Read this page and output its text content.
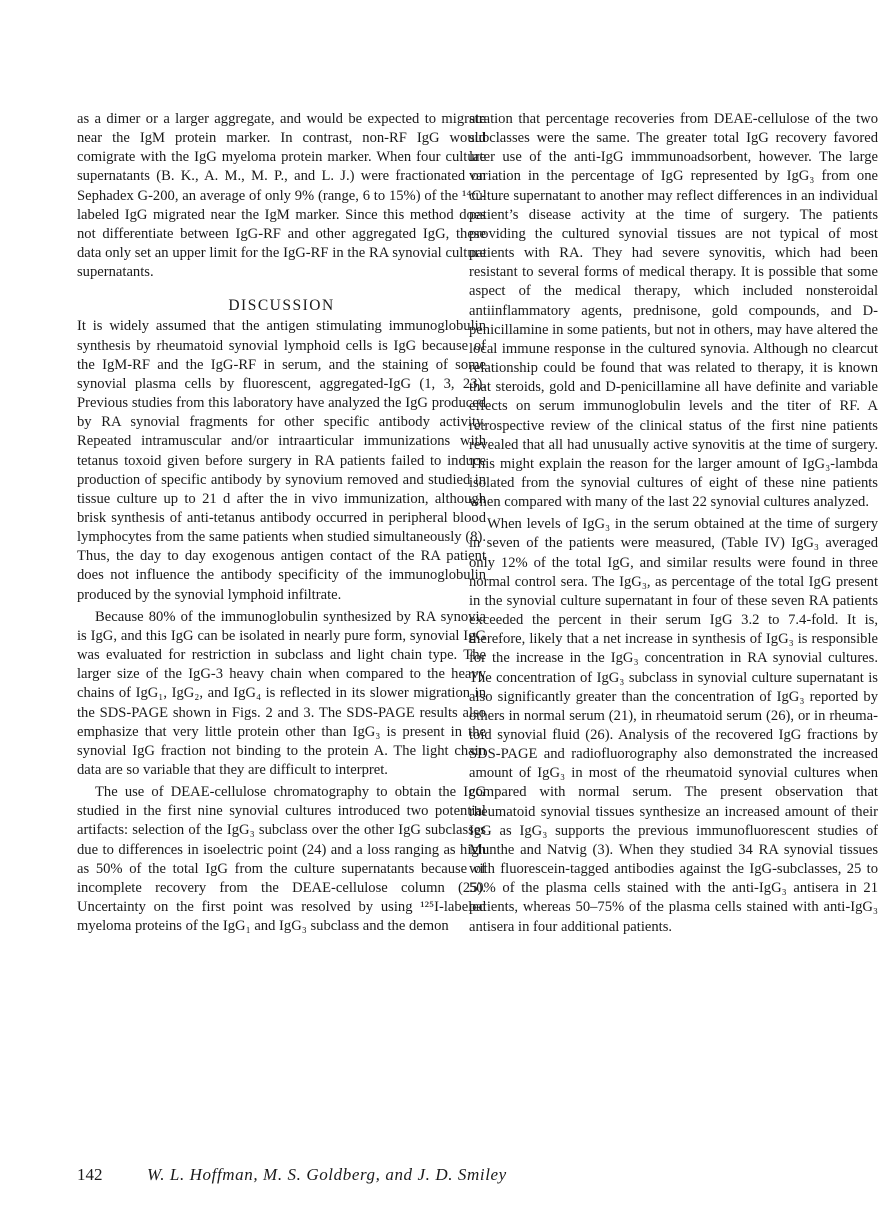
as a dimer or a larger aggregate, and would be expected to migrate near the IgM protein marker. In contrast, non-RF IgG would comigrate with the IgG myeloma protein marker. When four culture supernatants (B. K., A. M., M. P., and L. J.) were fractionated on Sephadex G-200, an average of only 9% (range, 6 to 15%) of the ¹⁴C-labeled IgG migrated near the IgM marker. Since this method does not differentiate between IgG-RF and other aggregated IgG, these data only set an upper limit for the IgG-RF in the RA synovial culture supernatants.

DISCUSSION

It is widely assumed that the antigen stimulating immunoglobulin synthesis by rheumatoid synovial lymphoid cells is IgG because of the IgM-RF and the IgG-RF in serum, and the staining of some synovial plasma cells by fluorescent, aggregated-IgG (1, 3, 23). Previous studies from this laboratory have analyzed the IgG produced by RA synovial fragments for other specific antibody activity. Repeated intramuscular and/or intraarticular immunizations with tetanus toxoid given before surgery in RA patients failed to induce production of specific antibody by synovium removed and studied in tissue culture up to 21 d after the in vivo immunization, although brisk synthesis of anti-tetanus antibody occurred in peripheral blood lymphocytes from the same patients when studied simultaneously (8). Thus, the day to day exogenous antigen contact of the RA patient does not influence the antibody specificity of the immunoglobulin produced by the synovial lymphoid infiltrate.

Because 80% of the immunoglobulin synthesized by RA synovia is IgG, and this IgG can be isolated in nearly pure form, synovial IgG was evaluated for restriction in subclass and light chain type. The larger size of the IgG-3 heavy chain when compared to the heavy chains of IgG₁, IgG₂, and IgG₄ is reflected in its slower migration in the SDS-PAGE shown in Figs. 2 and 3. The SDS-PAGE results also emphasize that very little protein other than IgG₃ is present in the synovial IgG fraction not binding to the protein A. The light chain data are so variable that they are difficult to interpret.

The use of DEAE-cellulose chromatography to obtain the IgG studied in the first nine synovial cultures introduced two potential artifacts: selection of the IgG₃ subclass over the other IgG subclasses due to differences in isoelectric point (24) and a loss ranging as high as 50% of the total IgG from the culture supernatants because of incomplete recovery from the DEAE-cellulose column (25). Uncertainty on the first point was resolved by using ¹²⁵I-labeled myeloma proteins of the IgG₁ and IgG₃ subclass and the demon

stration that percentage recoveries from DEAE-cellulose of the two subclasses were the same. The greater total IgG recovery favored later use of the anti-IgG immmunoadsorbent, however. The large variation in the percentage of IgG represented by IgG₃ from one culture supernatant to another may reflect differences in an individual patient’s disease activity at the time of surgery. The patients providing the cultured synovial tissues are not typical of most patients with RA. They had severe synovitis, which had been resistant to several forms of medical therapy. It is possible that some aspect of the medical therapy, which included nonsteroidal antiinflammatory agents, prednisone, gold compounds, and D-penicillamine in some patients, but not in others, may have altered the local immune response in the cultured synovia. Although no clearcut relationship could be found that was related to therapy, it is known that steroids, gold and D-penicillamine all have definite and variable effects on serum immunoglobulin levels and the titer of RF. A retrospective review of the clinical status of the first nine patients revealed that all had unusually active synovitis at the time of surgery. This might explain the reason for the larger amount of IgG₃-lambda isolated from the synovial cultures of eight of these nine patients when compared with many of the last 22 synovial cultures analyzed.

When levels of IgG₃ in the serum obtained at the time of surgery in seven of the patients were measured, (Table IV) IgG₃ averaged only 12% of the total IgG, and similar results were found in three normal control sera. The IgG₃, as percentage of the total IgG present in the synovial culture supernatant in four of these seven RA patients exceeded the percent in their serum IgG 3.2 to 7.4-fold. It is, therefore, likely that a net increase in synthesis of IgG₃ is responsible for the increase in the IgG₃ concentration in RA synovial cultures. The concentration of IgG₃ subclass in synovial culture supernatant is also significantly greater than the concentration of IgG₃ reported by others in normal serum (21), in rheumatoid serum (26), or in rheumatoid synovial fluid (26). Analysis of the recovered IgG fractions by SDS-PAGE and radiofluorography also demonstrated the increased amount of IgG₃ in most of the rheumatoid synovial cultures when compared with normal serum. The present observation that rheumatoid synovial tissues synthesize an increased amount of their IgG as IgG₃ supports the previous immunofluorescent studies of Munthe and Natvig (3). When they studied 34 RA synovial tissues with fluorescein-tagged antibodies against the IgG-subclasses, 25 to 50% of the plasma cells stained with the anti-IgG₃ antisera in 21 patients, whereas 50–75% of the plasma cells stained with anti-IgG₃ antisera in four additional patients.

142	W. L. Hoffman, M. S. Goldberg, and J. D. Smiley
